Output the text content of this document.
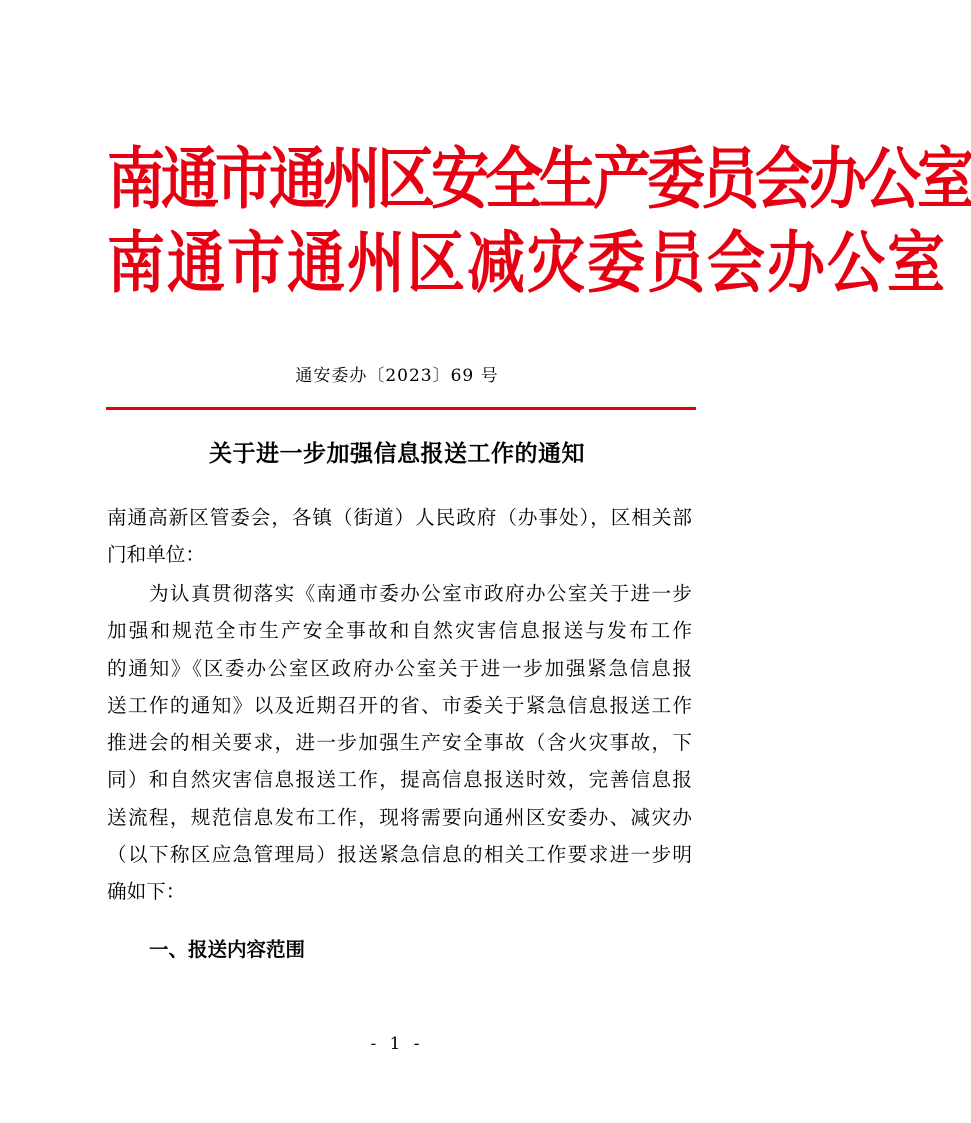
南通市通州区安全生产委员会办公室
南通市通州区减灾委员会办公室
通安委办〔2023〕69 号
关于进一步加强信息报送工作的通知
南通高新区管委会，各镇（街道）人民政府（办事处），区相关部
门和单位：
为认真贯彻落实《南通市委办公室市政府办公室关于进一步
加强和规范全市生产安全事故和自然灾害信息报送与发布工作
的通知》《区委办公室区政府办公室关于进一步加强紧急信息报
送工作的通知》以及近期召开的省、市委关于紧急信息报送工作
推进会的相关要求，进一步加强生产安全事故（含火灾事故，下
同）和自然灾害信息报送工作，提高信息报送时效，完善信息报
送流程，规范信息发布工作，现将需要向通州区安委办、减灾办
（以下称区应急管理局）报送紧急信息的相关工作要求进一步明
确如下：
一、报送内容范围
- 1 -
